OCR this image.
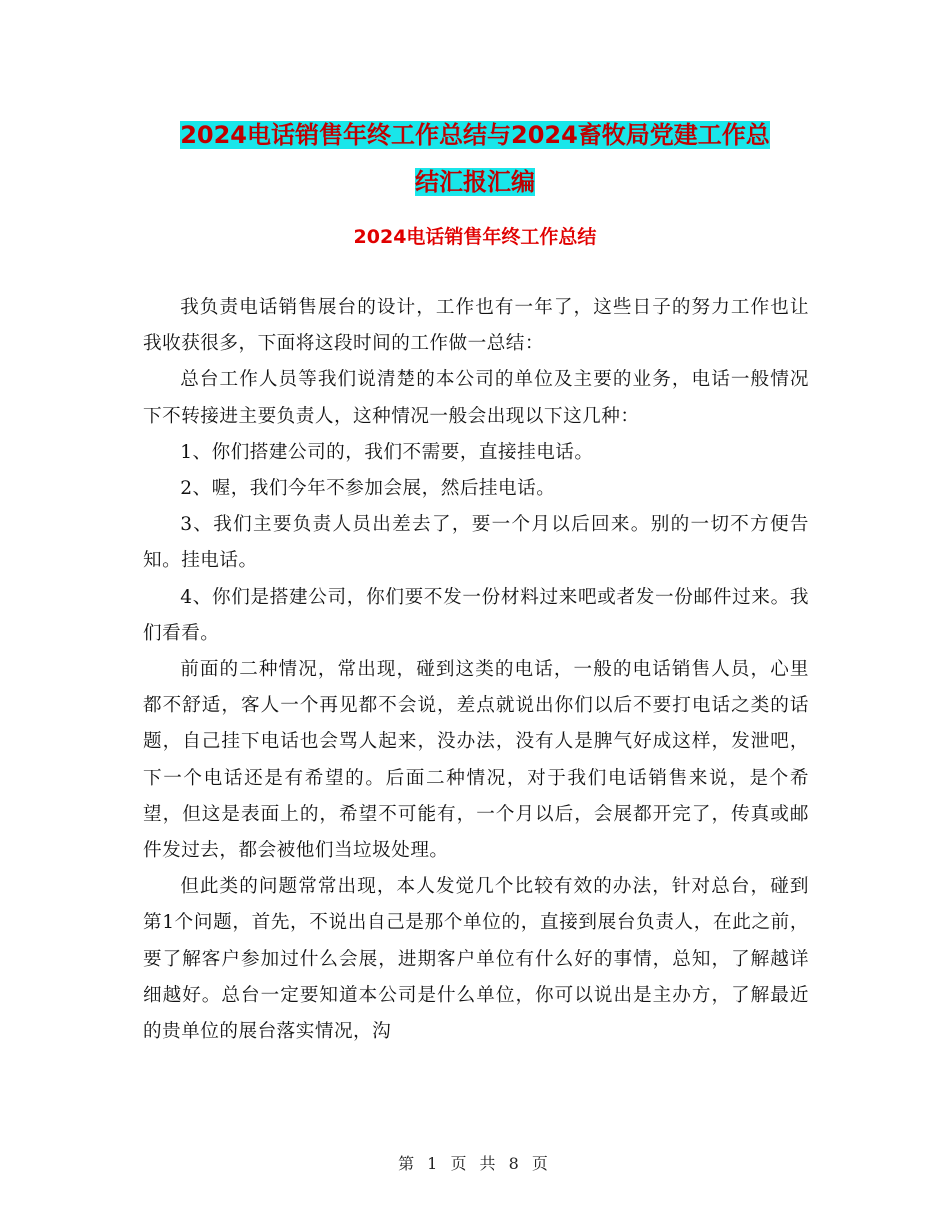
2024电话销售年终工作总结与2024畜牧局党建工作总
结汇报汇编
2024电话销售年终工作总结

我负责电话销售展台的设计，工作也有一年了，这些日子的努力工作也让我收获很多，下面将这段时间的工作做一总结：

总台工作人员等我们说清楚的本公司的单位及主要的业务，电话一般情况下不转接进主要负责人，这种情况一般会出现以下这几种：

1、你们搭建公司的，我们不需要，直接挂电话。

2、喔，我们今年不参加会展，然后挂电话。

3、我们主要负责人员出差去了，要一个月以后回来。别的一切不方便告知。挂电话。

4、你们是搭建公司，你们要不发一份材料过来吧或者发一份邮件过来。我们看看。

前面的二种情况，常出现，碰到这类的电话，一般的电话销售人员，心里都不舒适，客人一个再见都不会说，差点就说出你们以后不要打电话之类的话题，自己挂下电话也会骂人起来，没办法，没有人是脾气好成这样，发泄吧，下一个电话还是有希望的。后面二种情况，对于我们电话销售来说，是个希望，但这是表面上的，希望不可能有，一个月以后，会展都开完了，传真或邮件发过去，都会被他们当垃圾处理。

但此类的问题常常出现，本人发觉几个比较有效的办法，针对总台，碰到第1个问题，首先，不说出自己是那个单位的，直接到展台负责人，在此之前，要了解客户参加过什么会展，进期客户单位有什么好的事情，总知，了解越详细越好。总台一定要知道本公司是什么单位，你可以说出是主办方，了解最近的贵单位的展台落实情况，沟

第 1 页 共 8 页
